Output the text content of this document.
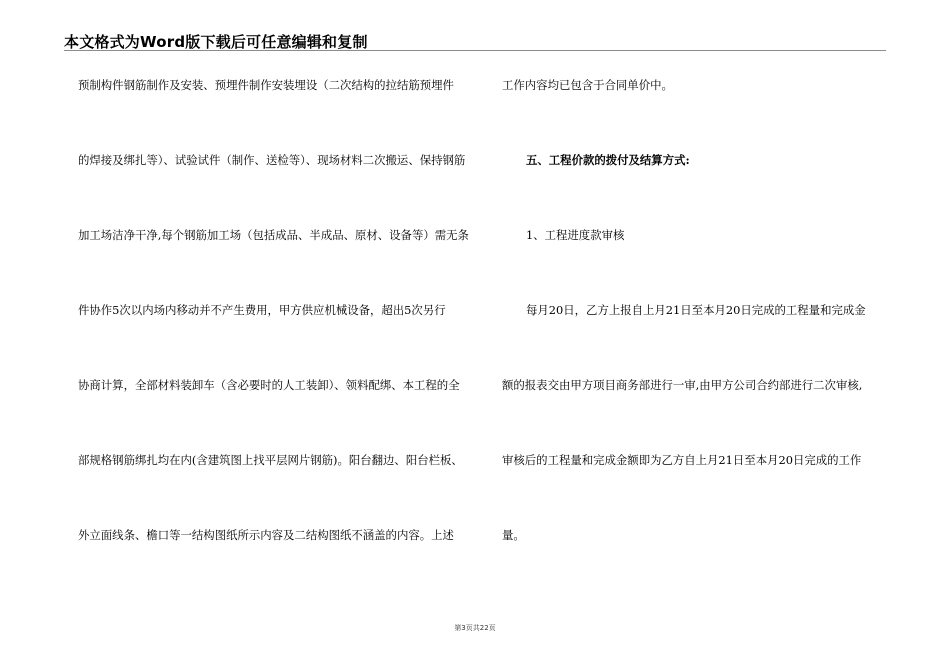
本文格式为Word版下载后可任意编辑和复制
预制构件钢筋制作及安装、预埋件制作安装埋设（二次结构的拉结筋预埋件
的焊接及绑扎等）、试验试件（制作、送检等）、现场材料二次搬运、保持钢筋
加工场洁净干净,每个钢筋加工场（包括成品、半成品、原材、设备等）需无条
件协作5次以内场内移动并不产生费用，甲方供应机械设备，超出5次另行
协商计算，全部材料装卸车（含必要时的人工装卸）、领料配绑、本工程的全
部规格钢筋绑扎均在内(含建筑图上找平层网片钢筋)。阳台翻边、阳台栏板、
外立面线条、檐口等一结构图纸所示内容及二结构图纸不涵盖的内容。上述
工作内容均已包含于合同单价中。
五、工程价款的拨付及结算方式:
1、工程进度款审核
每月20日，乙方上报自上月21日至本月20日完成的工程量和完成金
额的报表交由甲方项目商务部进行一审,由甲方公司合约部进行二次审核,
审核后的工程量和完成金额即为乙方自上月21日至本月20日完成的工作
量。
第3页共22页
